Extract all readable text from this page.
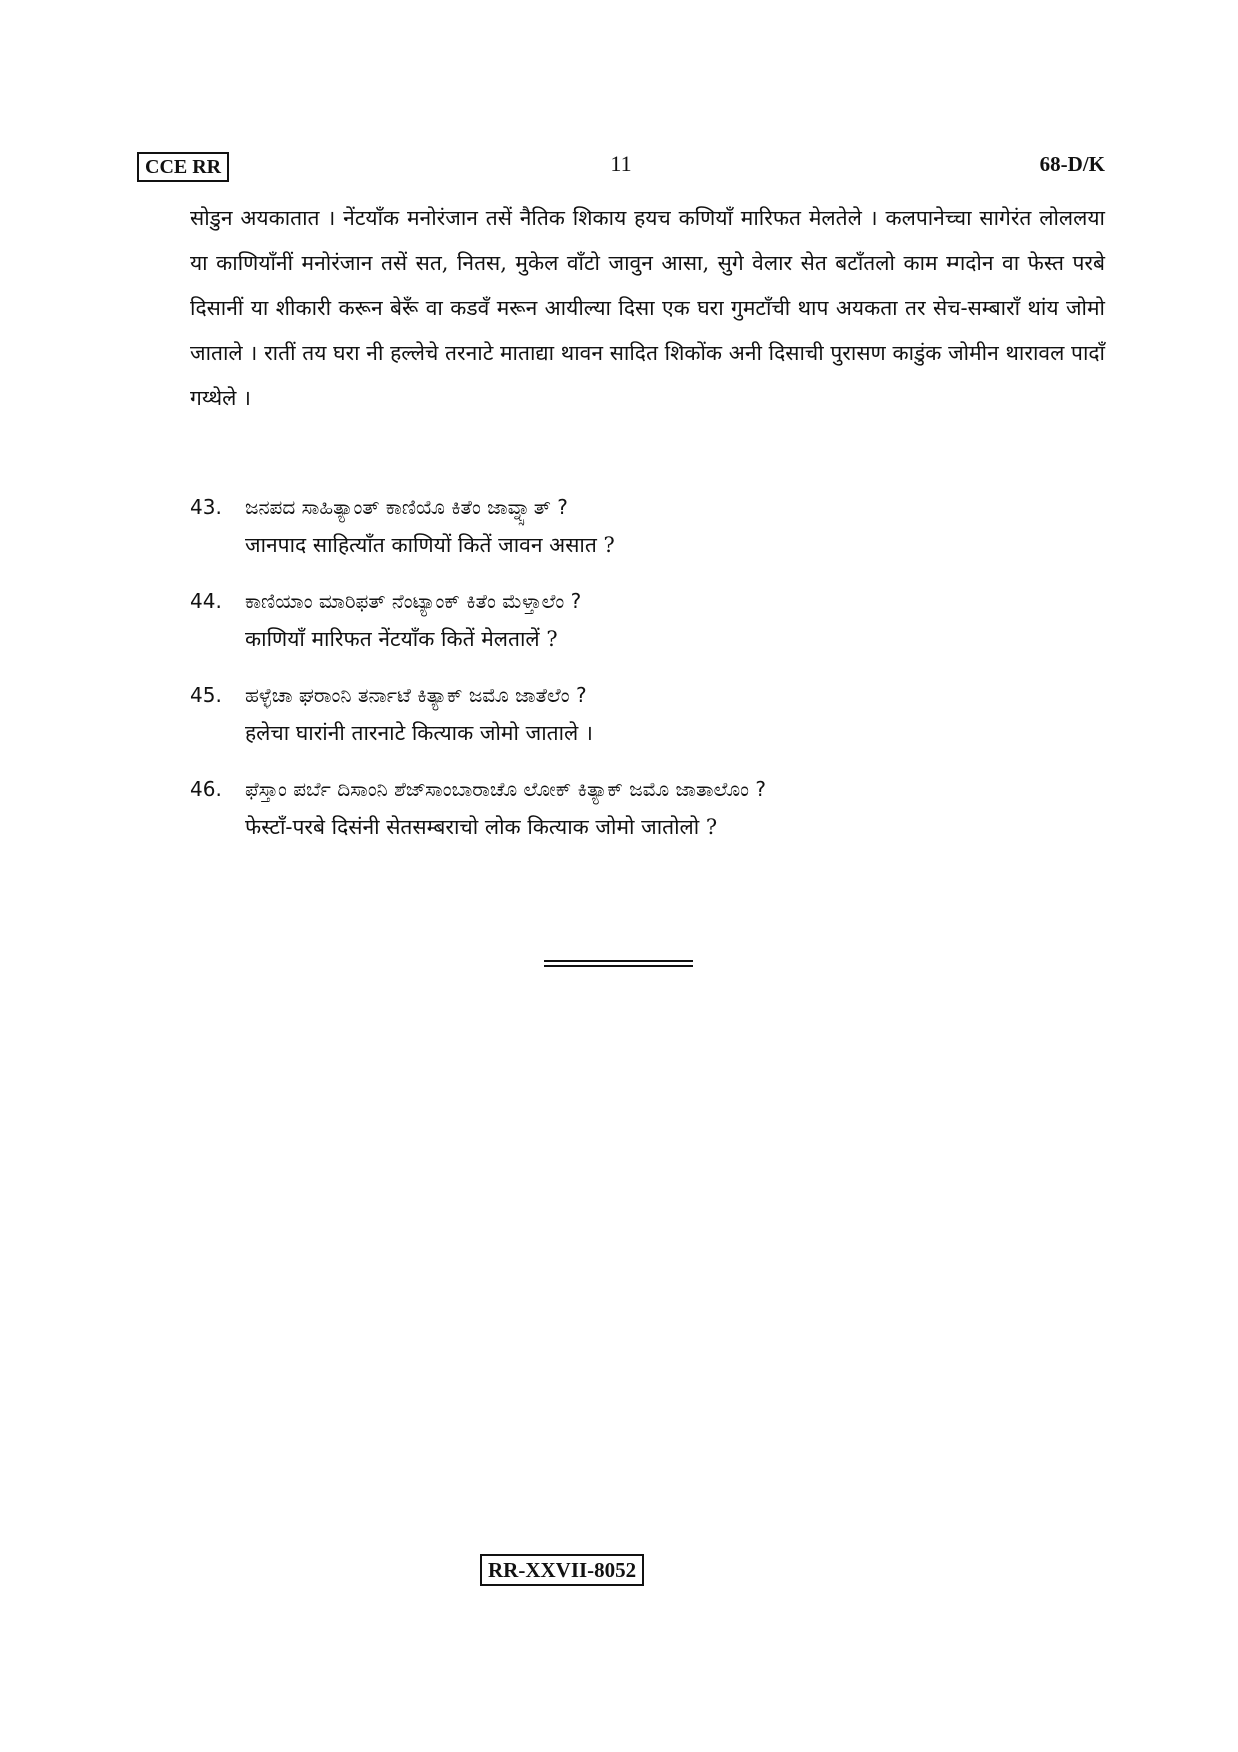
CCE RR	11	68-D/K

सोडुन अयकातात । नेंटयाँक मनोरंजान तसें नैतिक शिकाय हयच कणियाँ मारिफत मेलतेले । कलपानेच्चा सागेरंत लोललया या काणियाँनीं मनोरंजान तसें सत, नितस, मुकेल वाँटो जावुन आसा, सुगे वेलार सेत बटाँतलो काम म्गदोन वा फेस्त परबे दिसानीं या शीकारी करून बेरूँ वा कडवँ मरून आयील्या दिसा एक घरा गुमटाँची थाप अयकता तर सेच-सम्बाराँ थांय जोमो जाताले । रातीं तय घरा नी हल्लेचे तरनाटे माताद्या थावन सादित शिकोंक अनी दिसाची पुरासण काडुंक जोमीन थारावल पादाँ गय्थेले ।

43. ಜನಪದ ಸಾಹಿತ್ಯಾಂತ್ ಕಾಣಿಯೊ ಕಿತೆಂ ಜಾವ್ನ್ಸಾತ್ ?
जानपाद साहित्याँत काणियों कितें जावन असात ?
44. ಕಾಣಿಯಾಂ ಮಾರಿಫತ್ ನೆಂಟ್ಯಾಂಕ್ ಕಿತೆಂ ಮೆಳ್ತಾಲೆಂ ?
काणियाँ मारिफत नेंटयाँक कितें मेलतालें ?
45. ಹಳ್ಳೆಚಾ ಘರಾಂನಿ ತರ್ನಾಟೆ ಕಿತ್ಯಾಕ್ ಜಮೊ ಜಾತೆಲೆಂ ?
हलेचा घारांनी तारनाटे कित्याक जोमो जाताले ।
46. ಫೆಸ್ತಾಂ ಪರ್ಬೆ ದಿಸಾಂನಿ ಶೆಜ್‍ಸಾಂಬಾರಾಚೊ ಲೋಕ್ ಕಿತ್ಯಾಕ್ ಜಮೊ ಜಾತಾಲೊಂ ?
फेस्टाँ-परबे दिसंनी सेतसम्बराचो लोक कित्याक जोमो जातोलो ?
RR-XXVII-8052
